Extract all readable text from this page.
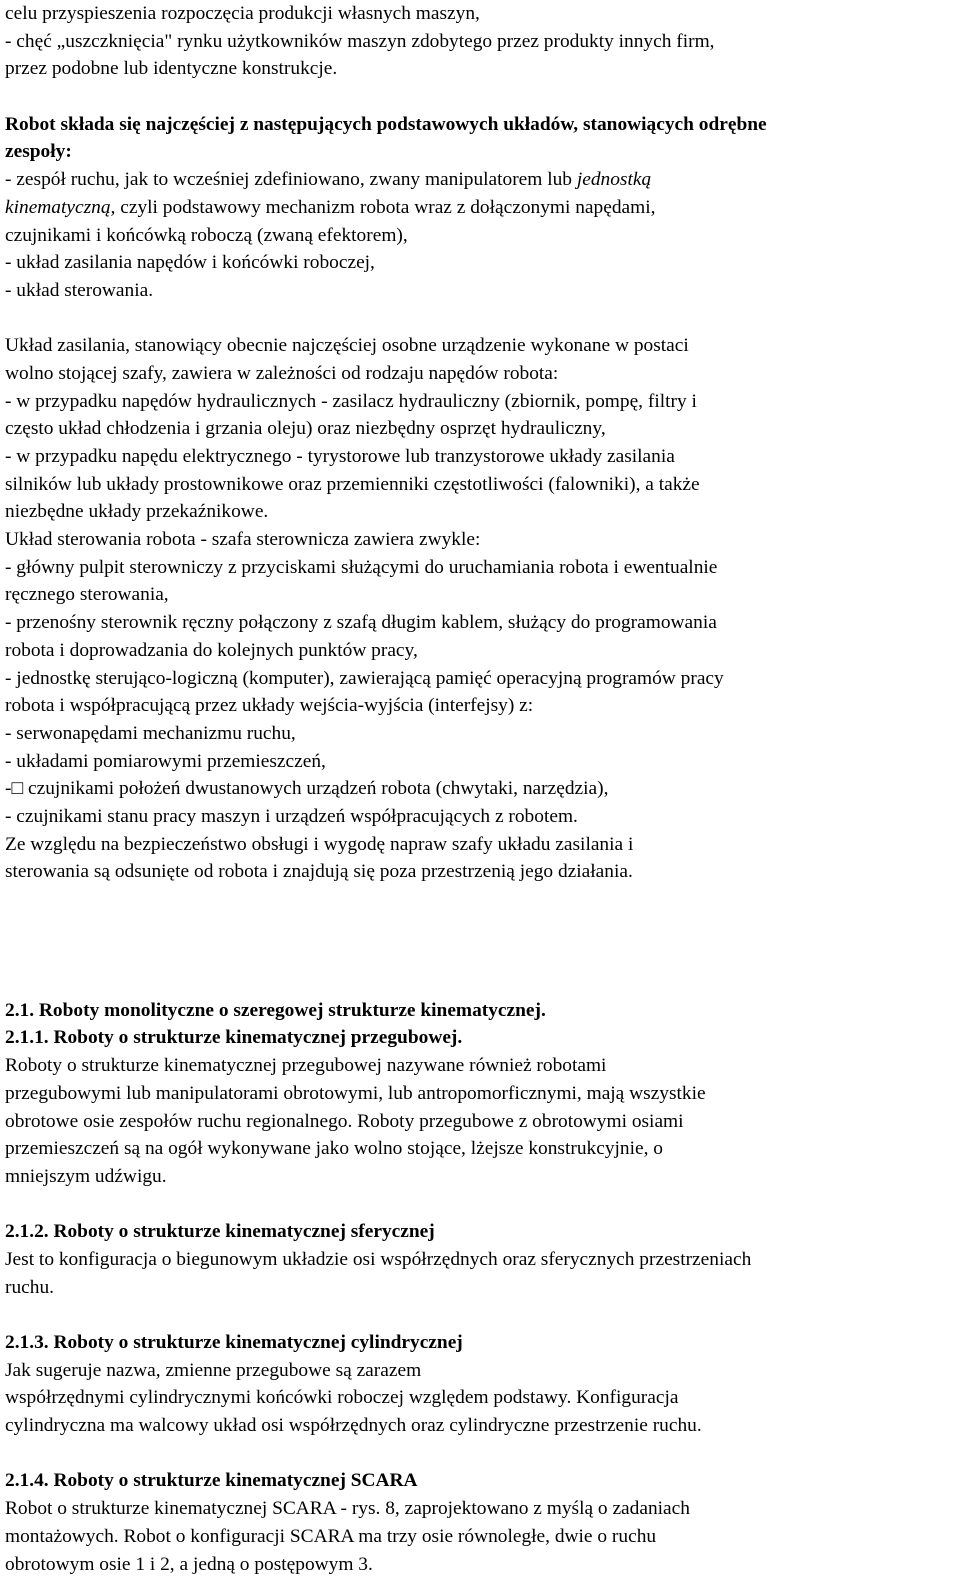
celu przyspieszenia rozpoczęcia produkcji własnych maszyn,
- chęć „uszczknięcia" rynku użytkowników maszyn zdobytego przez produkty innych firm,
przez podobne lub identyczne konstrukcje.
Robot składa się najczęściej z następujących podstawowych układów, stanowiących odrębne
zespoły:
- zespół ruchu, jak to wcześniej zdefiniowano, zwany manipulatorem lub jednostką
kinematyczną, czyli podstawowy mechanizm robota wraz z dołączonymi napędami,
czujnikami i końcówką roboczą (zwaną efektorem),
- układ zasilania napędów i końcówki roboczej,
- układ sterowania.
Układ zasilania, stanowiący obecnie najczęściej osobne urządzenie wykonane w postaci
wolno stojącej szafy, zawiera w zależności od rodzaju napędów robota:
- w przypadku napędów hydraulicznych - zasilacz hydrauliczny (zbiornik, pompę, filtry i
często układ chłodzenia i grzania oleju) oraz niezbędny osprzęt hydrauliczny,
- w przypadku napędu elektrycznego - tyrystorowe lub tranzystorowe układy zasilania
silników lub układy prostownikowe oraz przemienniki częstotliwości (falowniki), a także
niezbędne układy przekaźnikowe.
Układ sterowania robota - szafa sterownicza zawiera zwykle:
- główny pulpit sterowniczy z przyciskami służącymi do uruchamiania robota i ewentualnie
ręcznego sterowania,
- przenośny sterownik ręczny połączony z szafą długim kablem, służący do programowania
robota i doprowadzania do kolejnych punktów pracy,
- jednostkę sterująco-logiczną (komputer), zawierającą pamięć operacyjną programów pracy
robota i współpracującą przez układy wejścia-wyjścia (interfejsy) z:
- serwonapędami mechanizmu ruchu,
- układami pomiarowymi przemieszczeń,
-□ czujnikami położeń dwustanowych urządzeń robota (chwytaki, narzędzia),
- czujnikami stanu pracy maszyn i urządzeń współpracujących z robotem.
Ze względu na bezpieczeństwo obsługi i wygodę napraw szafy układu zasilania i
sterowania są odsunięte od robota i znajdują się poza przestrzenią jego działania.
2.1. Roboty monolityczne o szeregowej strukturze kinematycznej.
2.1.1. Roboty o strukturze kinematycznej przegubowej.
Roboty o strukturze kinematycznej przegubowej nazywane również robotami
przegubowymi lub manipulatorami obrotowymi, lub antropomorficznymi, mają wszystkie
obrotowe osie zespołów ruchu regionalnego. Roboty przegubowe z obrotowymi osiami
przemieszczeń są na ogół wykonywane jako wolno stojące, lżejsze konstrukcyjnie, o
mniejszym udźwigu.
2.1.2. Roboty o strukturze kinematycznej sferycznej
Jest to konfiguracja o biegunowym układzie osi współrzędnych oraz sferycznych przestrzeniach
ruchu.
2.1.3. Roboty o strukturze kinematycznej cylindrycznej
Jak sugeruje nazwa, zmienne przegubowe są zarazem
współrzędnymi cylindrycznymi końcówki roboczej względem podstawy. Konfiguracja
cylindryczna ma walcowy układ osi współrzędnych oraz cylindryczne przestrzenie ruchu.
2.1.4. Roboty o strukturze kinematycznej SCARA
Robot o strukturze kinematycznej SCARA - rys. 8, zaprojektowano z myślą o zadaniach
montażowych. Robot o konfiguracji SCARA ma trzy osie równoległe, dwie o ruchu
obrotowym osie 1 i 2, a jedną o postępowym 3.
